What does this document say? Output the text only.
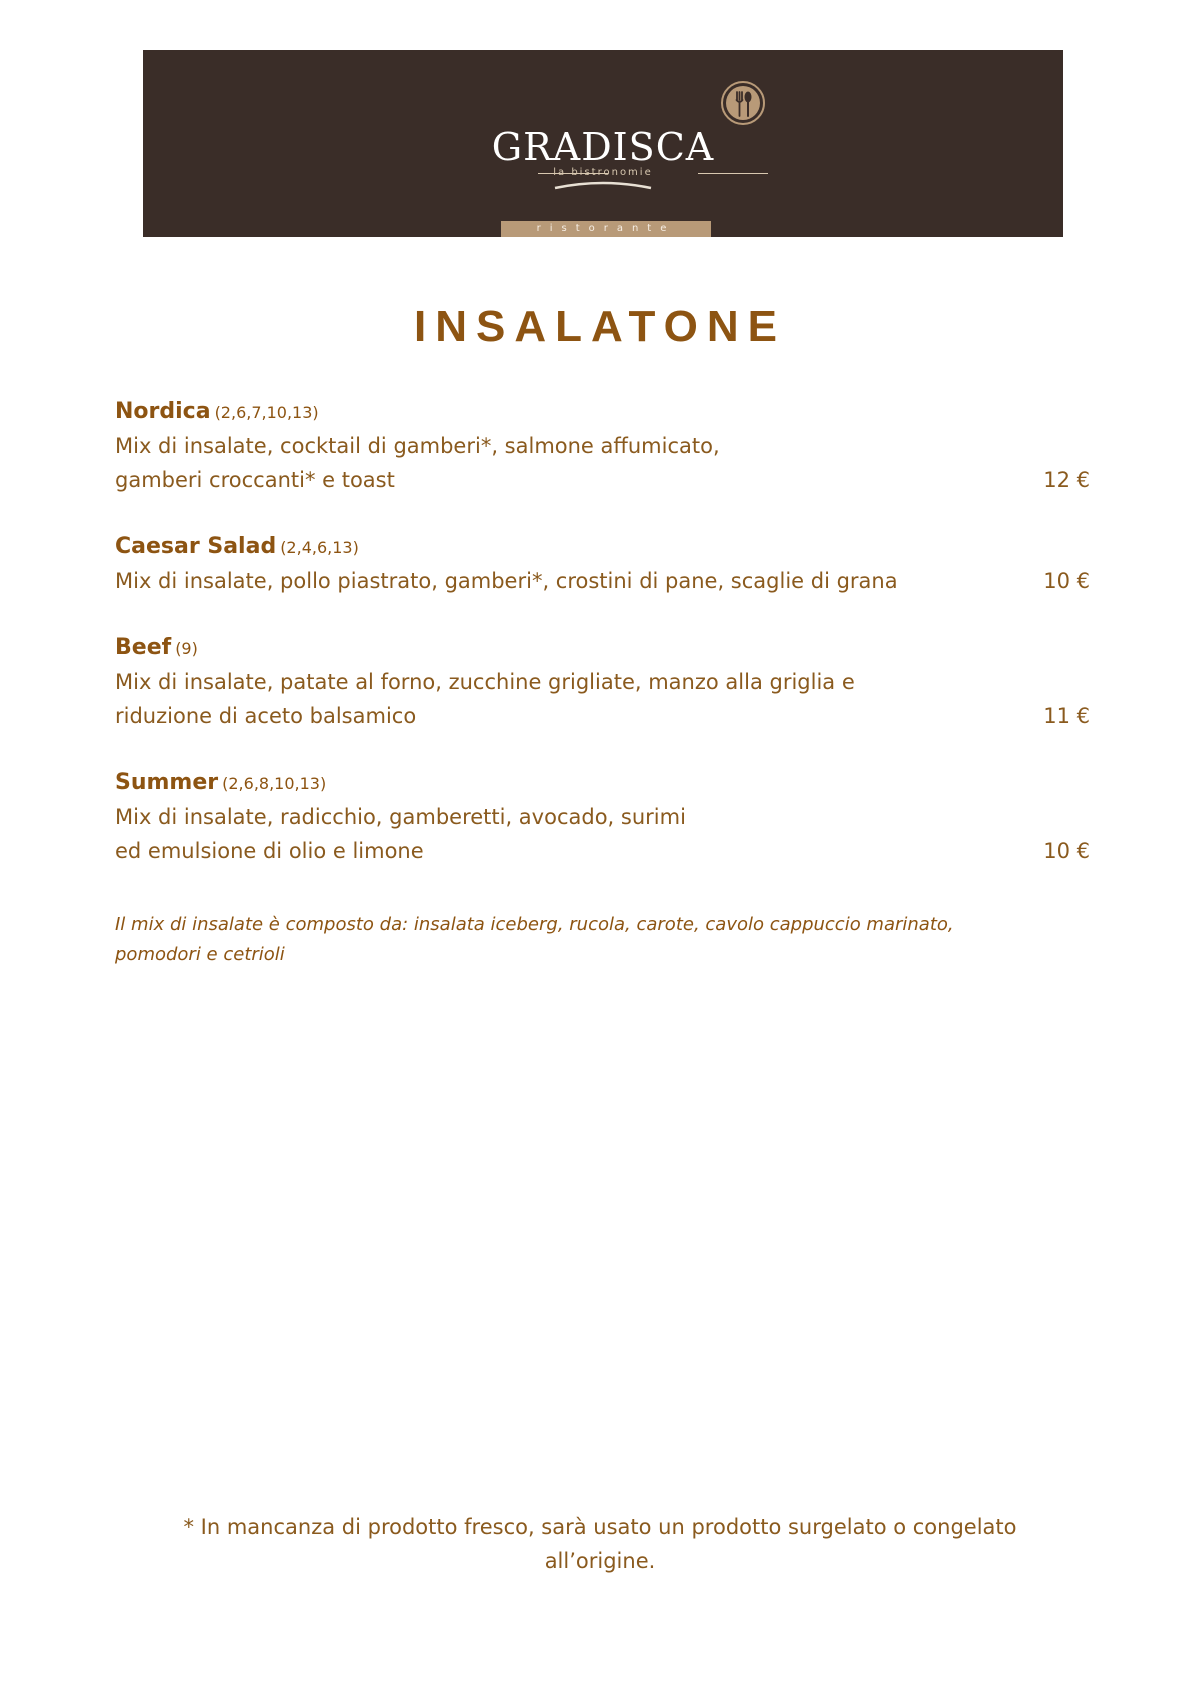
GRADISCA
la bistronomie
ristorante
INSALATONE
Nordica (2,6,7,10,13)
Mix di insalate, cocktail di gamberi*, salmone affumicato,
gamberi croccanti* e toast	12 €
Caesar Salad (2,4,6,13)
Mix di insalate, pollo piastrato, gamberi*, crostini di pane, scaglie di grana	10 €
Beef (9)
Mix di insalate, patate al forno, zucchine grigliate, manzo alla griglia e
riduzione di aceto balsamico	11 €
Summer (2,6,8,10,13)
Mix di insalate, radicchio, gamberetti, avocado, surimi
ed emulsione di olio e limone	10 €
Il mix di insalate è composto da: insalata iceberg, rucola, carote, cavolo cappuccio marinato,
pomodori e cetrioli
* In mancanza di prodotto fresco, sarà usato un prodotto surgelato o congelato
all’origine.
